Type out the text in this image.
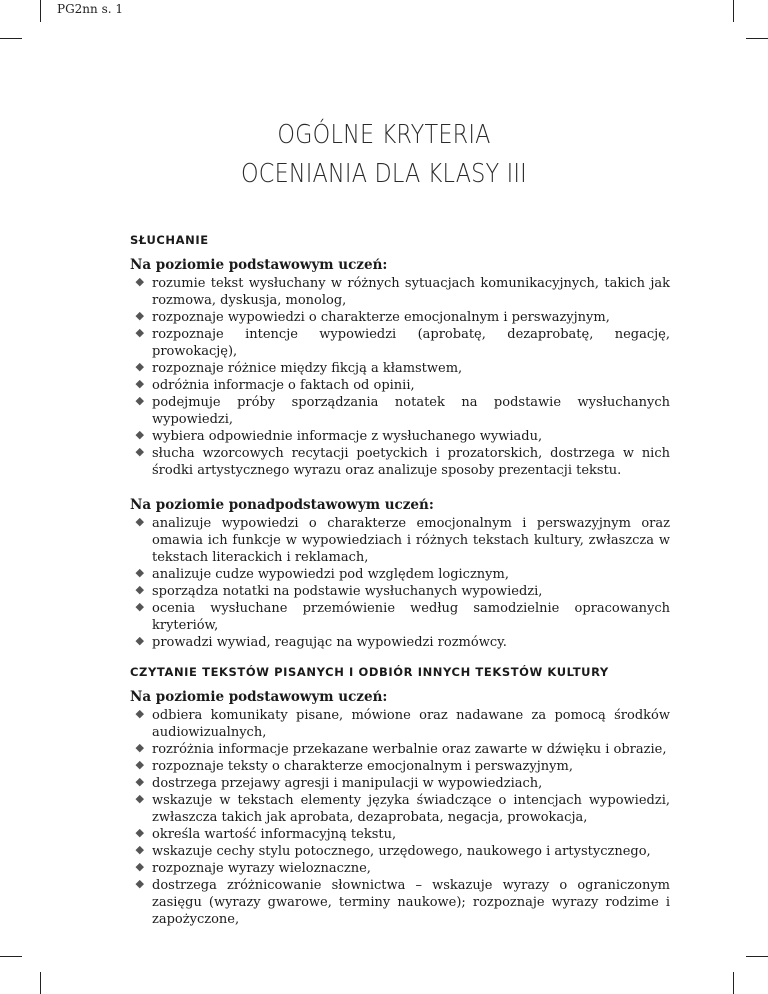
PG2nn s. 1
OGÓLNE KRYTERIA
OCENIANIA DLA KLASY III
SŁUCHANIE
Na poziomie podstawowym uczeń:
rozumie tekst wysłuchany w różnych sytuacjach komunikacyjnych, takich jak rozmowa, dyskusja, monolog,
rozpoznaje wypowiedzi o charakterze emocjonalnym i perswazyjnym,
rozpoznaje intencje wypowiedzi (aprobatę, dezaprobatę, negację, prowokację),
rozpoznaje różnice między fikcją a kłamstwem,
odróżnia informacje o faktach od opinii,
podejmuje próby sporządzania notatek na podstawie wysłuchanych wypowiedzi,
wybiera odpowiednie informacje z wysłuchanego wywiadu,
słucha wzorcowych recytacji poetyckich i prozatorskich, dostrzega w nich środki artystycznego wyrazu oraz analizuje sposoby prezentacji tekstu.
Na poziomie ponadpodstawowym uczeń:
analizuje wypowiedzi o charakterze emocjonalnym i perswazyjnym oraz omawia ich funkcje w wypowiedziach i różnych tekstach kultury, zwłaszcza w tekstach literackich i reklamach,
analizuje cudze wypowiedzi pod względem logicznym,
sporządza notatki na podstawie wysłuchanych wypowiedzi,
ocenia wysłuchane przemówienie według samodzielnie opracowanych kryteriów,
prowadzi wywiad, reagując na wypowiedzi rozmówcy.
CZYTANIE TEKSTÓW PISANYCH I ODBIÓR INNYCH TEKSTÓW KULTURY
Na poziomie podstawowym uczeń:
odbiera komunikaty pisane, mówione oraz nadawane za pomocą środków audiowizualnych,
rozróżnia informacje przekazane werbalnie oraz zawarte w dźwięku i obrazie,
rozpoznaje teksty o charakterze emocjonalnym i perswazyjnym,
dostrzega przejawy agresji i manipulacji w wypowiedziach,
wskazuje w tekstach elementy języka świadczące o intencjach wypowiedzi, zwłaszcza takich jak aprobata, dezaprobata, negacja, prowokacja,
określa wartość informacyjną tekstu,
wskazuje cechy stylu potocznego, urzędowego, naukowego i artystycznego,
rozpoznaje wyrazy wieloznaczne,
dostrzega zróżnicowanie słownictwa – wskazuje wyrazy o ograniczonym zasięgu (wyrazy gwarowe, terminy naukowe); rozpoznaje wyrazy rodzime i zapożyczone,
